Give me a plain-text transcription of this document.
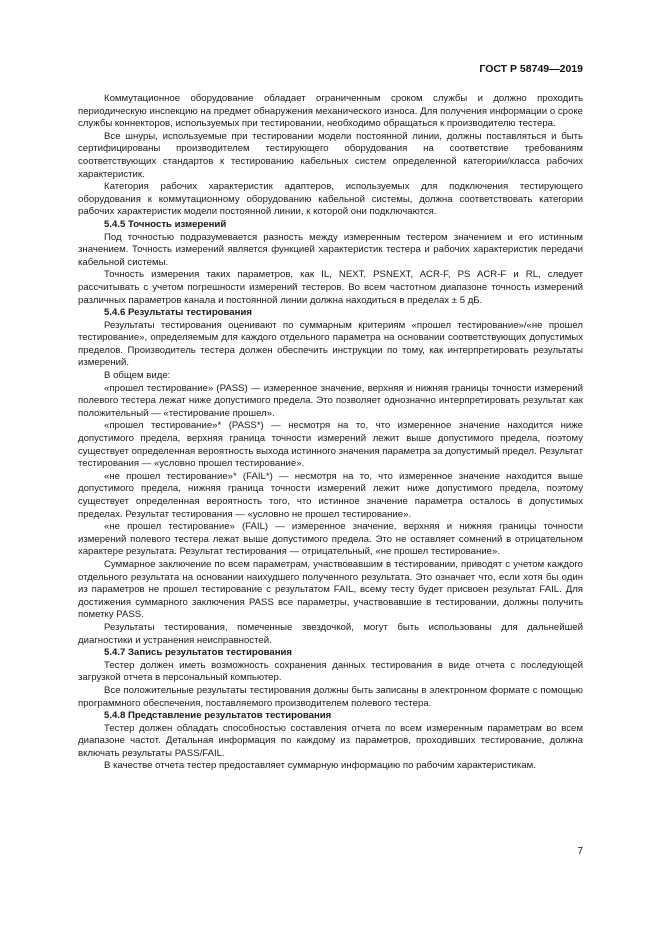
ГОСТ Р 58749—2019

Коммутационное оборудование обладает ограниченным сроком службы и должно проходить периодическую инспекцию на предмет обнаружения механического износа. Для получения информации о сроке службы коннекторов, используемых при тестировании, необходимо обращаться к производителю тестера.

Все шнуры, используемые при тестировании модели постоянной линии, должны поставляться и быть сертифицированы производителем тестирующего оборудования на соответствие требованиям соответствующих стандартов к тестированию кабельных систем определенной категории/класса рабочих характеристик.

Категория рабочих характеристик адаптеров, используемых для подключения тестирующего оборудования к коммутационному оборудованию кабельной системы, должна соответствовать категории рабочих характеристик модели постоянной линии, к которой они подключаются.

5.4.5 Точность измерений

Под точностью подразумевается разность между измеренным тестером значением и его истинным значением. Точность измерений является функцией характеристик тестера и рабочих характеристик передачи кабельной системы.

Точность измерения таких параметров, как IL, NEXT, PSNEXT, ACR-F, PS ACR-F и RL, следует рассчитывать с учетом погрешности измерений тестеров. Во всем частотном диапазоне точность измерений различных параметров канала и постоянной линии должна находиться в пределах ± 5 дБ.

5.4.6 Результаты тестирования

Результаты тестирования оценивают по суммарным критериям «прошел тестирование»/«не прошел тестирование», определяемым для каждого отдельного параметра на основании соответствующих допустимых пределов. Производитель тестера должен обеспечить инструкции по тому, как интерпретировать результаты измерений.

В общем виде:

«прошел тестирование» (PASS) — измеренное значение, верхняя и нижняя границы точности измерений полевого тестера лежат ниже допустимого предела. Это позволяет однозначно интерпретировать результат как положительный — «тестирование прошел».

«прошел тестирование»* (PASS*) — несмотря на то, что измеренное значение находится ниже допустимого предела, верхняя граница точности измерений лежит выше допустимого предела, поэтому существует определенная вероятность выхода истинного значения параметра за допустимый предел. Результат тестирования — «условно прошел тестирование».

«не прошел тестирование»* (FAIL*) — несмотря на то, что измеренное значение находится выше допустимого предела, нижняя граница точности измерений лежит ниже допустимого предела, поэтому существует определенная вероятность того, что истинное значение параметра осталось в допустимых пределах. Результат тестирования — «условно не прошел тестирование».

«не прошел тестирование» (FAIL) — измеренное значение, верхняя и нижняя границы точности измерений полевого тестера лежат выше допустимого предела. Это не оставляет сомнений в отрицательном характере результата. Результат тестирования — отрицательный, «не прошел тестирование».

Суммарное заключение по всем параметрам, участвовавшим в тестировании, приводят с учетом каждого отдельного результата на основании наихудшего полученного результата. Это означает что, если хотя бы один из параметров не прошел тестирование с результатом FAIL, всему тесту будет присвоен результат FAIL. Для достижения суммарного заключения PASS все параметры, участвовавшие в тестировании, должны получить пометку PASS.

Результаты тестирования, помеченные звездочкой, могут быть использованы для дальнейшей диагностики и устранения неисправностей.

5.4.7 Запись результатов тестирования

Тестер должен иметь возможность сохранения данных тестирования в виде отчета с последующей загрузкой отчета в персональный компьютер.

Все положительные результаты тестирования должны быть записаны в электронном формате с помощью программного обеспечения, поставляемого производителем полевого тестера.

5.4.8 Представление результатов тестирования

Тестер должен обладать способностью составления отчета по всем измеренным параметрам во всем диапазоне частот. Детальная информация по каждому из параметров, проходивших тестирование, должна включать результаты PASS/FAIL.

В качестве отчета тестер предоставляет суммарную информацию по рабочим характеристикам.

7
